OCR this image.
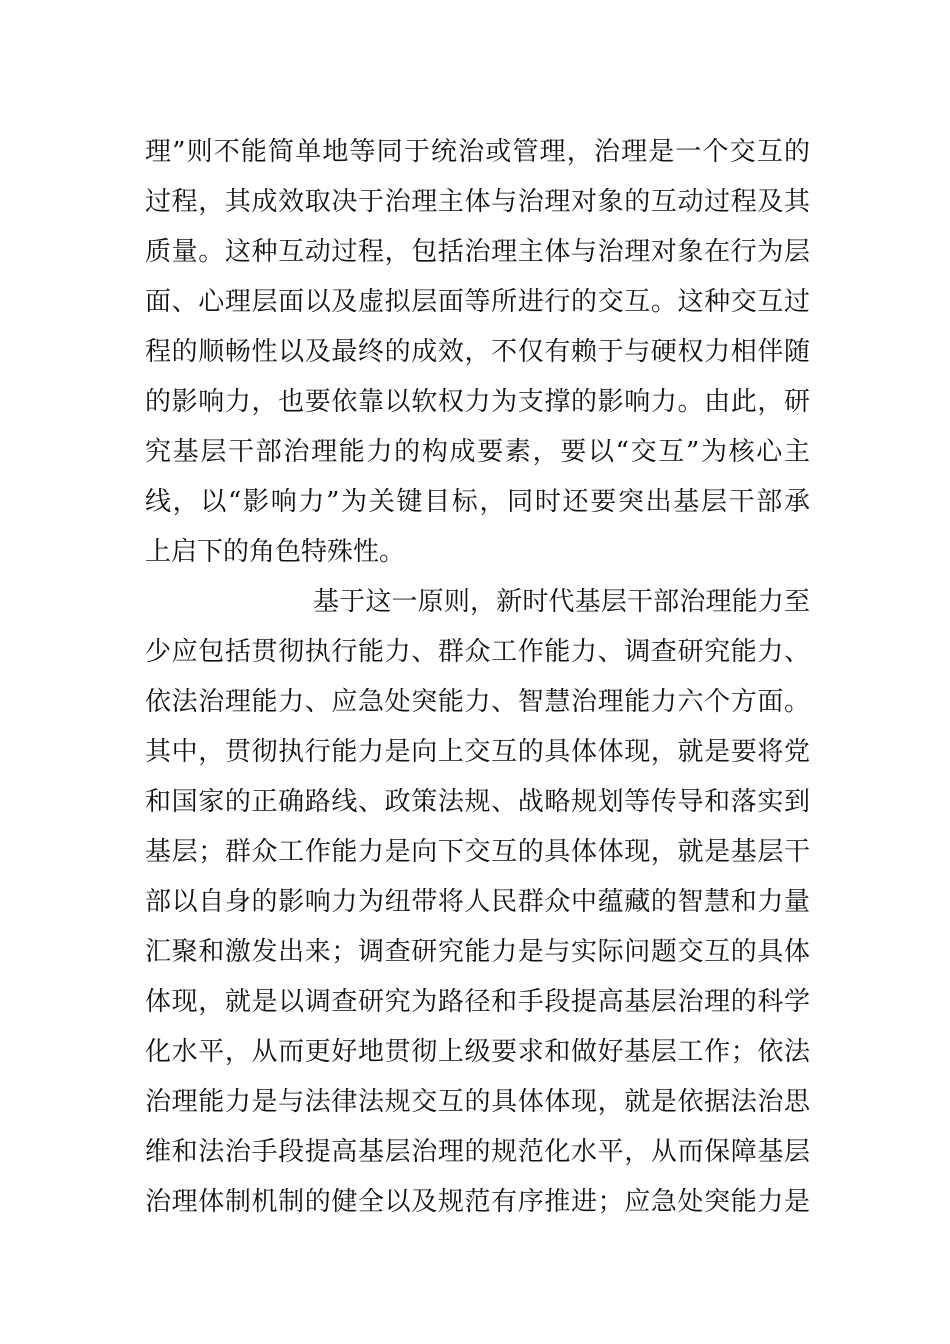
理”则不能简单地等同于统治或管理，治理是一个交互的
过程，其成效取决于治理主体与治理对象的互动过程及其
质量。这种互动过程，包括治理主体与治理对象在行为层
面、心理层面以及虚拟层面等所进行的交互。这种交互过
程的顺畅性以及最终的成效，不仅有赖于与硬权力相伴随
的影响力，也要依靠以软权力为支撑的影响力。由此，研
究基层干部治理能力的构成要素，要以“交互”为核心主
线，以“影响力”为关键目标，同时还要突出基层干部承
上启下的角色特殊性。
基于这一原则，新时代基层干部治理能力至
少应包括贯彻执行能力、群众工作能力、调查研究能力、
依法治理能力、应急处突能力、智慧治理能力六个方面。
其中，贯彻执行能力是向上交互的具体体现，就是要将党
和国家的正确路线、政策法规、战略规划等传导和落实到
基层；群众工作能力是向下交互的具体体现，就是基层干
部以自身的影响力为纽带将人民群众中蕴藏的智慧和力量
汇聚和激发出来；调查研究能力是与实际问题交互的具体
体现，就是以调查研究为路径和手段提高基层治理的科学
化水平，从而更好地贯彻上级要求和做好基层工作；依法
治理能力是与法律法规交互的具体体现，就是依据法治思
维和法治手段提高基层治理的规范化水平，从而保障基层
治理体制机制的健全以及规范有序推进；应急处突能力是
